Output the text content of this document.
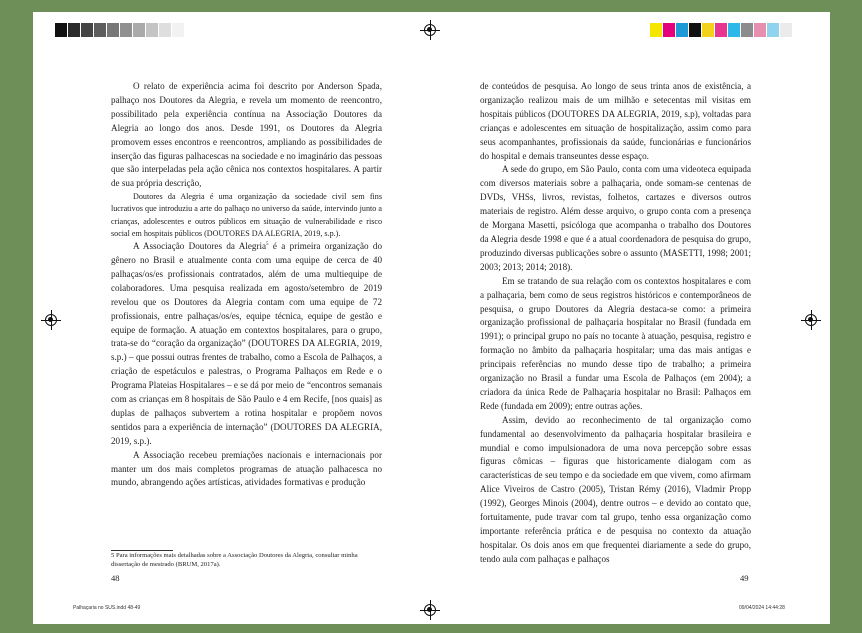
O relato de experiência acima foi descrito por Anderson Spada, palhaço nos Doutores da Alegria, e revela um momento de reencontro, possibilitado pela experiência contínua na Associação Doutores da Alegria ao longo dos anos. Desde 1991, os Doutores da Alegria promovem esses encontros e reencontros, ampliando as possibilidades de inserção das figuras palhacescas na sociedade e no imaginário das pessoas que são interpeladas pela ação cênica nos contextos hospitalares. A partir de sua própria descrição,

Doutores da Alegria é uma organização da sociedade civil sem fins lucrativos que introduziu a arte do palhaço no universo da saúde, intervindo junto a crianças, adolescentes e outros públicos em situação de vulnerabilidade e risco social em hospitais públicos (DOUTORES DA ALEGRIA, 2019, s.p.).

A Associação Doutores da Alegria$^5$ é a primeira organização do gênero no Brasil e atualmente conta com uma equipe de cerca de 40 palhaças/os/es profissionais contratados, além de uma multiequipe de colaboradores. Uma pesquisa realizada em agosto/setembro de 2019 revelou que os Doutores da Alegria contam com uma equipe de 72 profissionais, entre palhaças/os/es, equipe técnica, equipe de gestão e equipe de formação. A atuação em contextos hospitalares, para o grupo, trata-se do “coração da organização” (DOUTORES DA ALEGRIA, 2019, s.p.) – que possui outras frentes de trabalho, como a Escola de Palhaços, a criação de espetáculos e palestras, o Programa Palhaços em Rede e o Programa Plateias Hospitalares – e se dá por meio de “encontros semanais com as crianças em 8 hospitais de São Paulo e 4 em Recife, [nos quais] as duplas de palhaços subvertem a rotina hospitalar e propõem novos sentidos para a experiência de internação” (DOUTORES DA ALEGRIA, 2019, s.p.).

A Associação recebeu premiações nacionais e internacionais por manter um dos mais completos programas de atuação palhacesca no mundo, abrangendo ações artísticas, atividades formativas e produção

5 Para informações mais detalhadas sobre a Associação Doutores da Alegria, consultar minha dissertação de mestrado (BRUM, 2017a).
48
Palhaçaria no SUS.indd 48-49

de conteúdos de pesquisa. Ao longo de seus trinta anos de existência, a organização realizou mais de um milhão e setecentas mil visitas em hospitais públicos (DOUTORES DA ALEGRIA, 2019, s.p), voltadas para crianças e adolescentes em situação de hospitalização, assim como para seus acompanhantes, profissionais da saúde, funcionárias e funcionários do hospital e demais transeuntes desse espaço.

A sede do grupo, em São Paulo, conta com uma videoteca equipada com diversos materiais sobre a palhaçaria, onde somam-se centenas de DVDs, VHSs, livros, revistas, folhetos, cartazes e diversos outros materiais de registro. Além desse arquivo, o grupo conta com a presença de Morgana Masetti, psicóloga que acompanha o trabalho dos Doutores da Alegria desde 1998 e que é a atual coordenadora de pesquisa do grupo, produzindo diversas publicações sobre o assunto (MASETTI, 1998; 2001; 2003; 2013; 2014; 2018).

Em se tratando de sua relação com os contextos hospitalares e com a palhaçaria, bem como de seus registros históricos e contemporâneos de pesquisa, o grupo Doutores da Alegria destaca-se como: a primeira organização profissional de palhaçaria hospitalar no Brasil (fundada em 1991); o principal grupo no país no tocante à atuação, pesquisa, registro e formação no âmbito da palhaçaria hospitalar; uma das mais antigas e principais referências no mundo desse tipo de trabalho; a primeira organização no Brasil a fundar uma Escola de Palhaços (em 2004); a criadora da única Rede de Palhaçaria hospitalar no Brasil: Palhaços em Rede (fundada em 2009); entre outras ações.

Assim, devido ao reconhecimento de tal organização como fundamental ao desenvolvimento da palhaçaria hospitalar brasileira e mundial e como impulsionadora de uma nova percepção sobre essas figuras cômicas – figuras que historicamente dialogam com as características de seu tempo e da sociedade em que vivem, como afirmam Alice Viveiros de Castro (2005), Tristan Rémy (2016), Vladmir Propp (1992), Georges Minois (2004), dentre outros – e devido ao contato que, fortuitamente, pude travar com tal grupo, tenho essa organização como importante referência prática e de pesquisa no contexto da atuação hospitalar. Os dois anos em que frequentei diariamente a sede do grupo, tendo aula com palhaças e palhaços

49
09/04/2024 14:44:28
